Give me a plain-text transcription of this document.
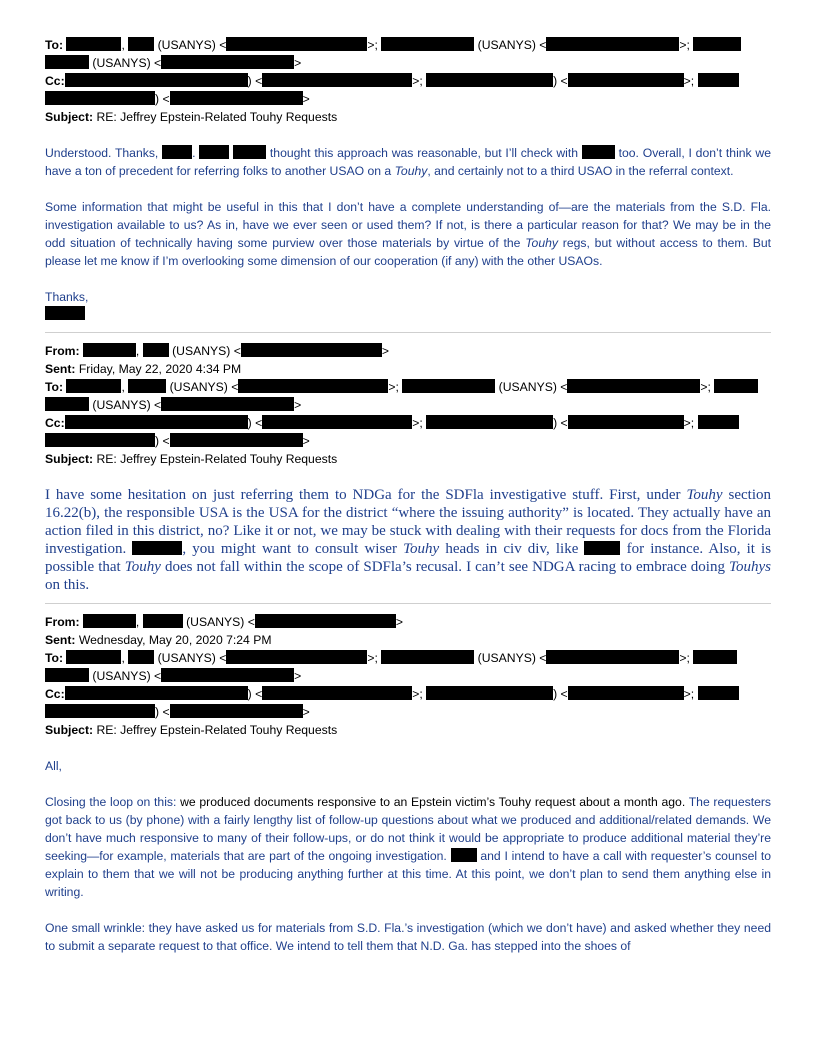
To:	,	(USANYS) <	>;	(USANYS) <	>;
(USANYS) <	>
Cc:	) <	>;	) <	>;
) <	>
Subject: RE: Jeffrey Epstein-Related Touhy Requests

Understood. Thanks,	.	thought this approach was reasonable, but I’ll check with	too. Overall, I don’t think we have a ton of precedent for referring folks to another USAO on a Touhy, and certainly not to a third USAO in the referral context.

Some information that might be useful in this that I don’t have a complete understanding of—are the materials from the S.D. Fla. investigation available to us? As in, have we ever seen or used them? If not, is there a particular reason for that? We may be in the odd situation of technically having some purview over those materials by virtue of the Touhy regs, but without access to them. But please let me know if I’m overlooking some dimension of our cooperation (if any) with the other USAOs.

Thanks,

From:	,	(USANYS) <	>
Sent: Friday, May 22, 2020 4:34 PM
To:	,	(USANYS) <	>;	(USANYS) <	>;
(USANYS) <	>
Cc:	) <	>;	) <	>;
) <	>
Subject: RE: Jeffrey Epstein-Related Touhy Requests

I have some hesitation on just referring them to NDGa for the SDFla investigative stuff. First, under Touhy section 16.22(b), the responsible USA is the USA for the district “where the issuing authority” is located. They actually have an action filed in this district, no? Like it or not, we may be stuck with dealing with their requests for docs from the Florida investigation.	, you might want to consult wiser Touhy heads in civ div, like	for instance. Also, it is possible that Touhy does not fall within the scope of SDFla’s recusal. I can’t see NDGA racing to embrace doing Touhys on this.

From:	,	(USANYS) <	>
Sent: Wednesday, May 20, 2020 7:24 PM
To:	,	(USANYS) <	>;	(USANYS) <	>;
(USANYS) <	>
Cc:	) <	>;	) <	>;
) <	>
Subject: RE: Jeffrey Epstein-Related Touhy Requests

All,

Closing the loop on this: we produced documents responsive to an Epstein victim’s Touhy request about a month ago. The requesters got back to us (by phone) with a fairly lengthy list of follow-up questions about what we produced and additional/related demands. We don’t have much responsive to many of their follow-ups, or do not think it would be appropriate to produce additional material they’re seeking—for example, materials that are part of the ongoing investigation.	and I intend to have a call with requester’s counsel to explain to them that we will not be producing anything further at this time. At this point, we don’t plan to send them anything else in writing.

One small wrinkle: they have asked us for materials from S.D. Fla.’s investigation (which we don’t have) and asked whether they need to submit a separate request to that office. We intend to tell them that N.D. Ga. has stepped into the shoes of
